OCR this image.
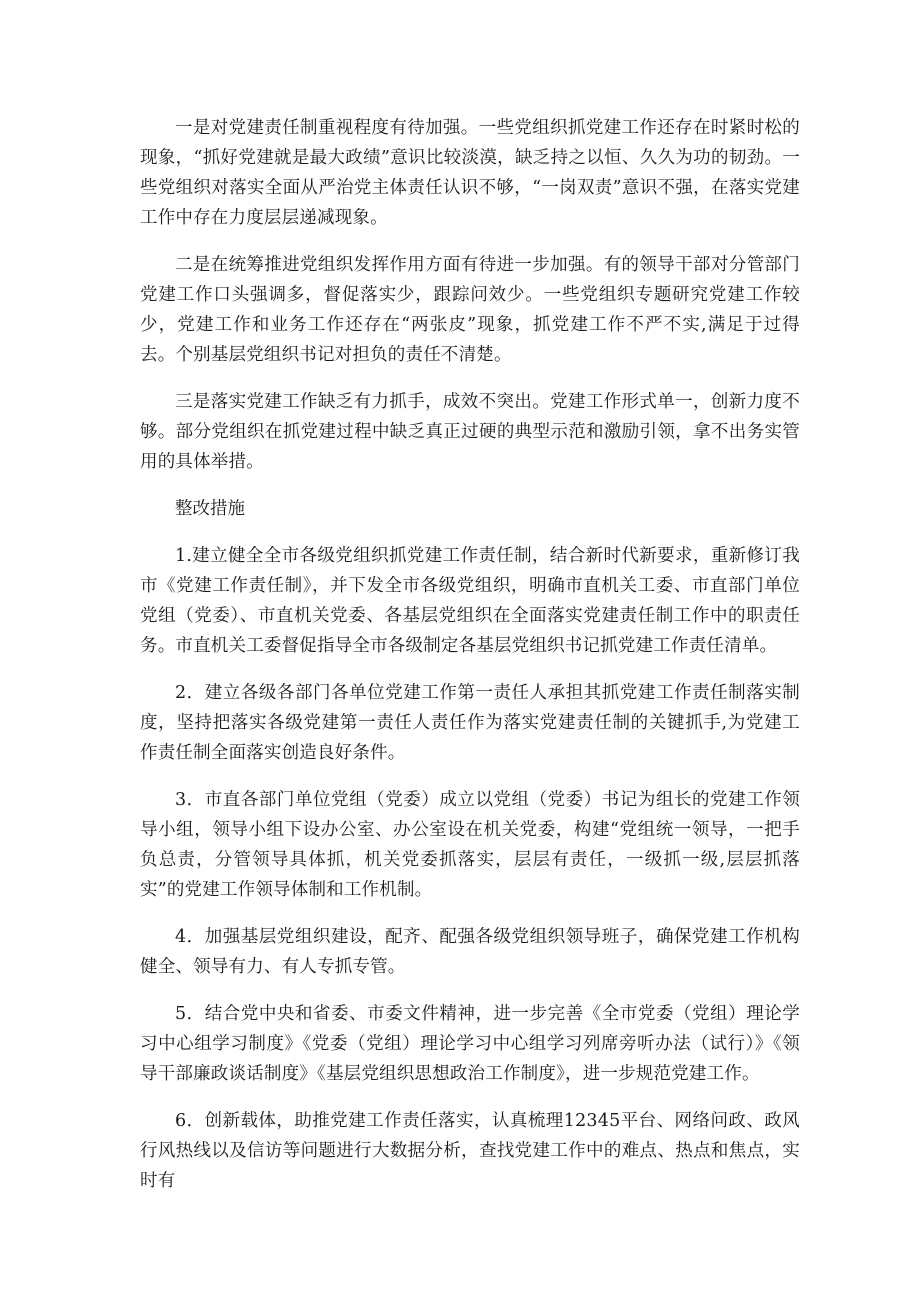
一是对党建责任制重视程度有待加强。一些党组织抓党建工作还存在时紧时松的现象，“抓好党建就是最大政绩”意识比较淡漠，缺乏持之以恒、久久为功的韧劲。一些党组织对落实全面从严治党主体责任认识不够，“一岗双责”意识不强，在落实党建工作中存在力度层层递减现象。

二是在统筹推进党组织发挥作用方面有待进一步加强。有的领导干部对分管部门党建工作口头强调多，督促落实少，跟踪问效少。一些党组织专题研究党建工作较少，党建工作和业务工作还存在“两张皮”现象，抓党建工作不严不实,满足于过得去。个别基层党组织书记对担负的责任不清楚。

三是落实党建工作缺乏有力抓手，成效不突出。党建工作形式单一，创新力度不够。部分党组织在抓党建过程中缺乏真正过硬的典型示范和激励引领，拿不出务实管用的具体举措。

整改措施

1.建立健全全市各级党组织抓党建工作责任制，结合新时代新要求，重新修订我市《党建工作责任制》，并下发全市各级党组织，明确市直机关工委、市直部门单位党组（党委）、市直机关党委、各基层党组织在全面落实党建责任制工作中的职责任务。市直机关工委督促指导全市各级制定各基层党组织书记抓党建工作责任清单。

2．建立各级各部门各单位党建工作第一责任人承担其抓党建工作责任制落实制度，坚持把落实各级党建第一责任人责任作为落实党建责任制的关键抓手,为党建工作责任制全面落实创造良好条件。

3．市直各部门单位党组（党委）成立以党组（党委）书记为组长的党建工作领导小组，领导小组下设办公室、办公室设在机关党委，构建“党组统一领导，一把手负总责，分管领导具体抓，机关党委抓落实，层层有责任，一级抓一级,层层抓落实”的党建工作领导体制和工作机制。

4．加强基层党组织建设，配齐、配强各级党组织领导班子，确保党建工作机构健全、领导有力、有人专抓专管。

5．结合党中央和省委、市委文件精神，进一步完善《全市党委（党组）理论学习中心组学习制度》《党委（党组）理论学习中心组学习列席旁听办法（试行）》《领导干部廉政谈话制度》《基层党组织思想政治工作制度》，进一步规范党建工作。

6．创新载体，助推党建工作责任落实，认真梳理12345平台、网络问政、政风行风热线以及信访等问题进行大数据分析，查找党建工作中的难点、热点和焦点，实时有
